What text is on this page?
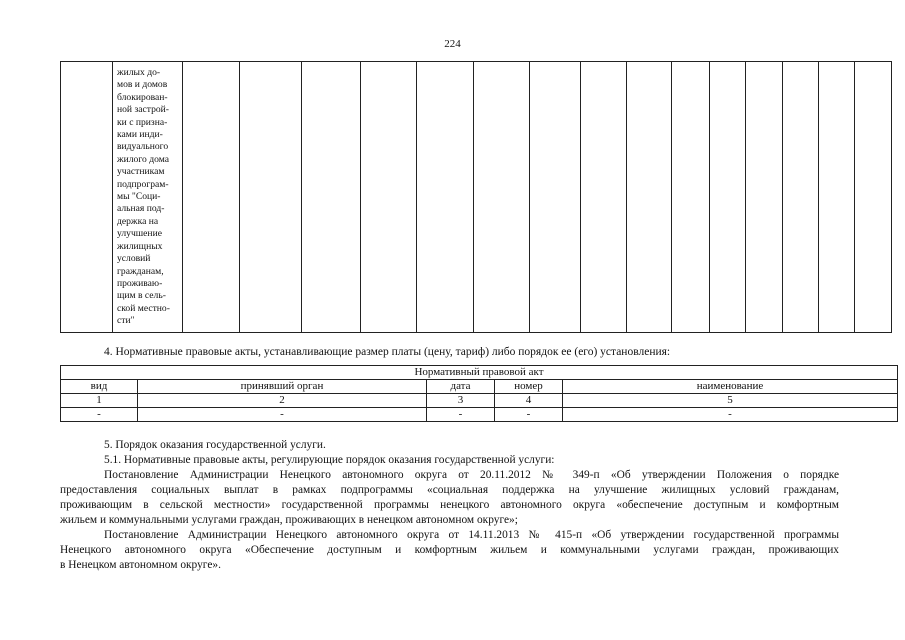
224

жилых до-
мов и домов
блокирован-
ной застрой-
ки с призна-
ками инди-
видуального
жилого дома
участникам
подпрограм-
мы "Соци-
альная под-
держка на
улучшение
жилищных
условий
гражданам,
проживаю-
щим в сель-
ской местно-
сти"

4. Нормативные правовые акты, устанавливающие размер платы (цену, тариф) либо порядок ее (его) установления:
Нормативный правовой акт				
вид	принявший орган	дата	номер	наименование
1	2	3	4	5
-	-	-	-	-
5. Порядок оказания государственной услуги.
5.1. Нормативные правовые акты, регулирующие порядок оказания государственной услуги:
Постановление Администрации Ненецкого автономного округа от 20.11.2012 № 349-п «Об утверждении Положения о порядке
предоставления социальных выплат в рамках подпрограммы «социальная поддержка на улучшение жилищных условий гражданам,
проживающим в сельской местности» государственной программы ненецкого автономного округа «обеспечение доступным и комфортным
жильем и коммунальными услугами граждан, проживающих в ненецком автономном округе»;
Постановление Администрации Ненецкого автономного округа от 14.11.2013 № 415-п «Об утверждении государственной программы
Ненецкого автономного округа «Обеспечение доступным и комфортным жильем и коммунальными услугами граждан, проживающих
в Ненецком автономном округе».
